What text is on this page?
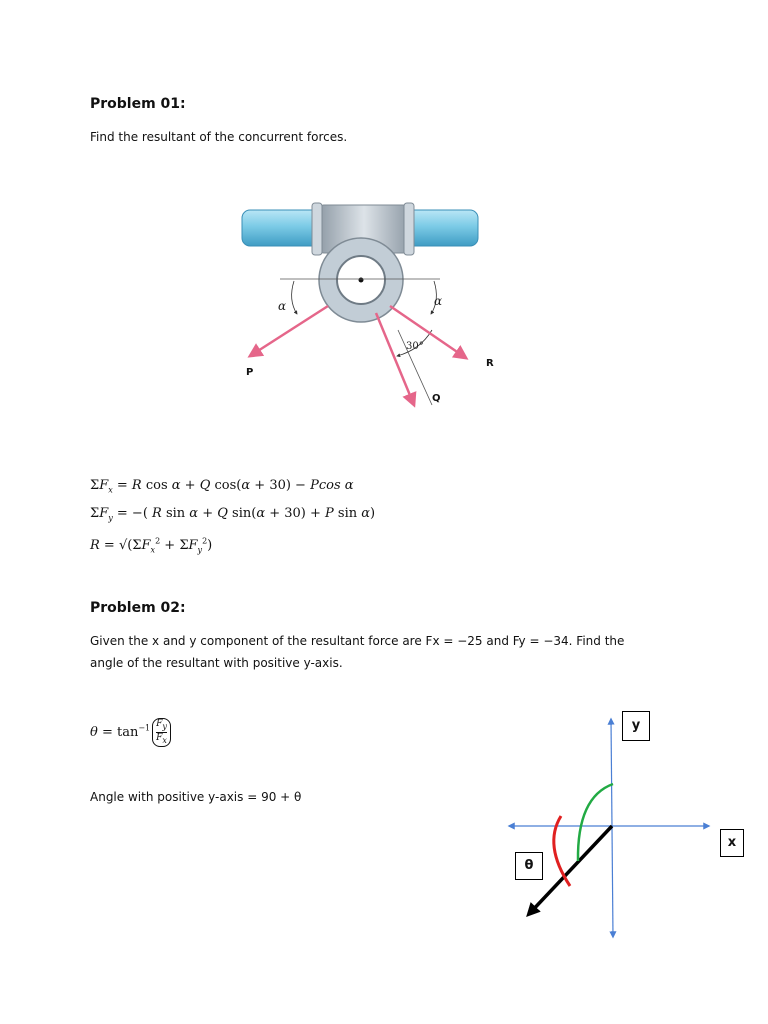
Problem 01:
Find the resultant of the concurrent forces.
α	α
30°
P
Q
R
$\Sigma F_x = R$ cos α + Q cos(α + 30) − Pcos α
$\Sigma F_y$ = −( R sin α + Q sin(α + 30) + P sin α)
$R = √(\Sigma F_x^2 + \Sigma F_y^2)$
Problem 02:
Given the x and y component of the resultant force are Fx = −25 and Fy = −34. Find the
angle of the resultant with positive y-axis.
$\theta = \tan^{-1} \frac{F_y}{F_x}$
Angle with positive y-axis = 90 + θ
y
x
θ
